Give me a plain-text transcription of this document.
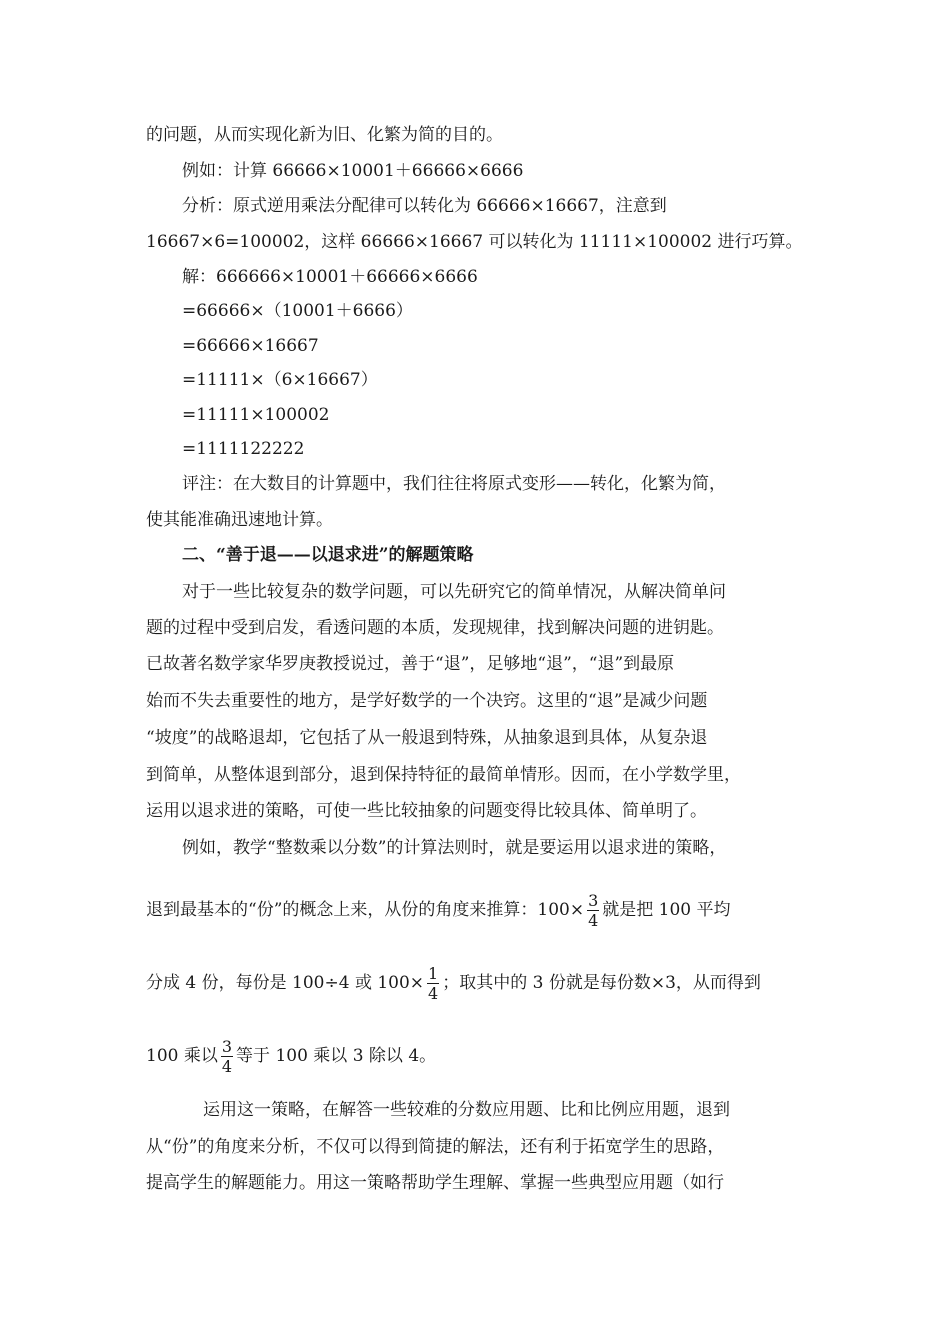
的问题，从而实现化新为旧、化繁为简的目的。
例如：计算 66666×10001＋66666×6666
分析：原式逆用乘法分配律可以转化为 66666×16667，注意到
16667×6=100002，这样 66666×16667 可以转化为 11111×100002 进行巧算。
解：666666×10001＋66666×6666
=66666×（10001＋6666）
=66666×16667
=11111×（6×16667）
=11111×100002
=1111122222
评注：在大数目的计算题中，我们往往将原式变形——转化，化繁为简，
使其能准确迅速地计算。
二、“善于退——以退求进”的解题策略
对于一些比较复杂的数学问题，可以先研究它的简单情况，从解决简单问
题的过程中受到启发，看透问题的本质，发现规律，找到解决问题的进钥匙。
已故著名数学家华罗庚教授说过，善于“退”，足够地“退”，“退”到最原
始而不失去重要性的地方，是学好数学的一个决窍。这里的“退”是减少问题
“坡度”的战略退却，它包括了从一般退到特殊，从抽象退到具体，从复杂退
到简单，从整体退到部分，退到保持特征的最简单情形。因而，在小学数学里，
运用以退求进的策略，可使一些比较抽象的问题变得比较具体、简单明了。
例如，教学“整数乘以分数”的计算法则时，就是要运用以退求进的策略，
退到最基本的“份”的概念上来，从份的角度来推算：$100\times \frac{3}{4}$ 就是把 100 平均
分成 4 份，每份是 100÷4 或 $100\times \frac{1}{4}$ ；取其中的 3 份就是每份数×3，从而得到
100 乘以 $\frac{3}{4}$ 等于 100 乘以 3 除以 4。
运用这一策略，在解答一些较难的分数应用题、比和比例应用题，退到
从“份”的角度来分析，不仅可以得到简捷的解法，还有利于拓宽学生的思路，
提高学生的解题能力。用这一策略帮助学生理解、掌握一些典型应用题（如行
